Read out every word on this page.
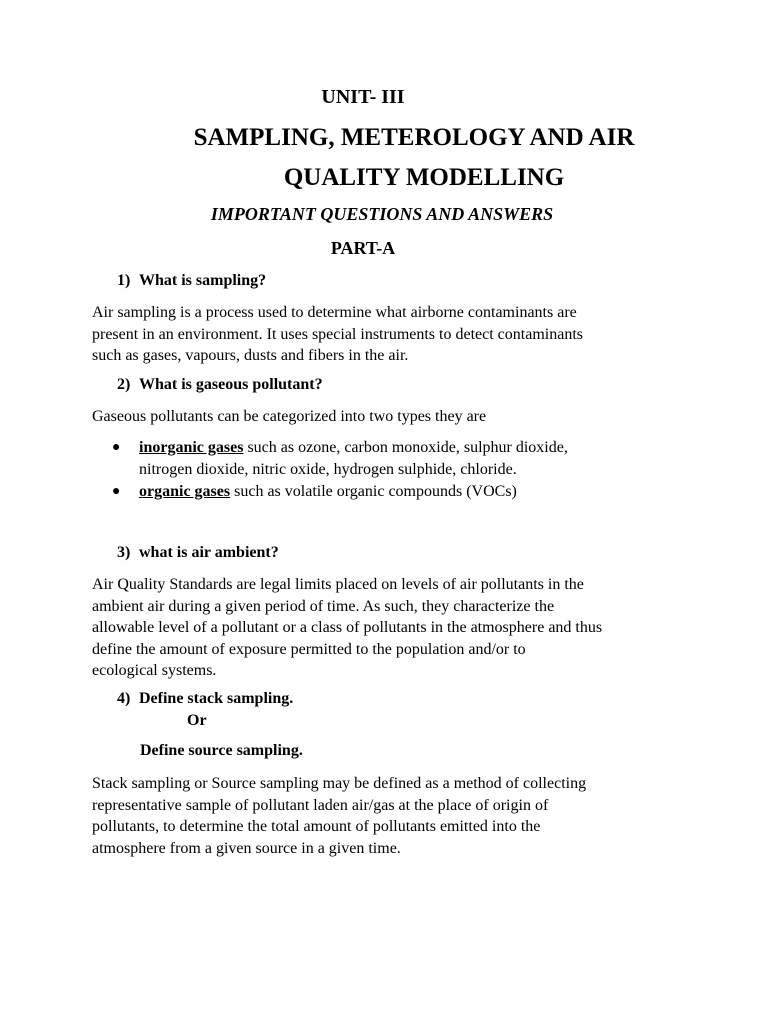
UNIT- III
SAMPLING, METEROLOGY AND AIR
QUALITY MODELLING
IMPORTANT QUESTIONS AND ANSWERS
PART-A
1) What is sampling?
Air sampling is a process used to determine what airborne contaminants are
present in an environment. It uses special instruments to detect contaminants
such as gases, vapours, dusts and fibers in the air.
2) What is gaseous pollutant?
Gaseous pollutants can be categorized into two types they are
●	inorganic gases such as ozone, carbon monoxide, sulphur dioxide,
nitrogen dioxide, nitric oxide, hydrogen sulphide, chloride.
●	organic gases such as volatile organic compounds (VOCs)
3) what is air ambient?
Air Quality Standards are legal limits placed on levels of air pollutants in the
ambient air during a given period of time. As such, they characterize the
allowable level of a pollutant or a class of pollutants in the atmosphere and thus
define the amount of exposure permitted to the population and/or to
ecological systems.
4) Define stack sampling.
Or
Define source sampling.
Stack sampling or Source sampling may be defined as a method of collecting
representative sample of pollutant laden air/gas at the place of origin of
pollutants, to determine the total amount of pollutants emitted into the
atmosphere from a given source in a given time.
